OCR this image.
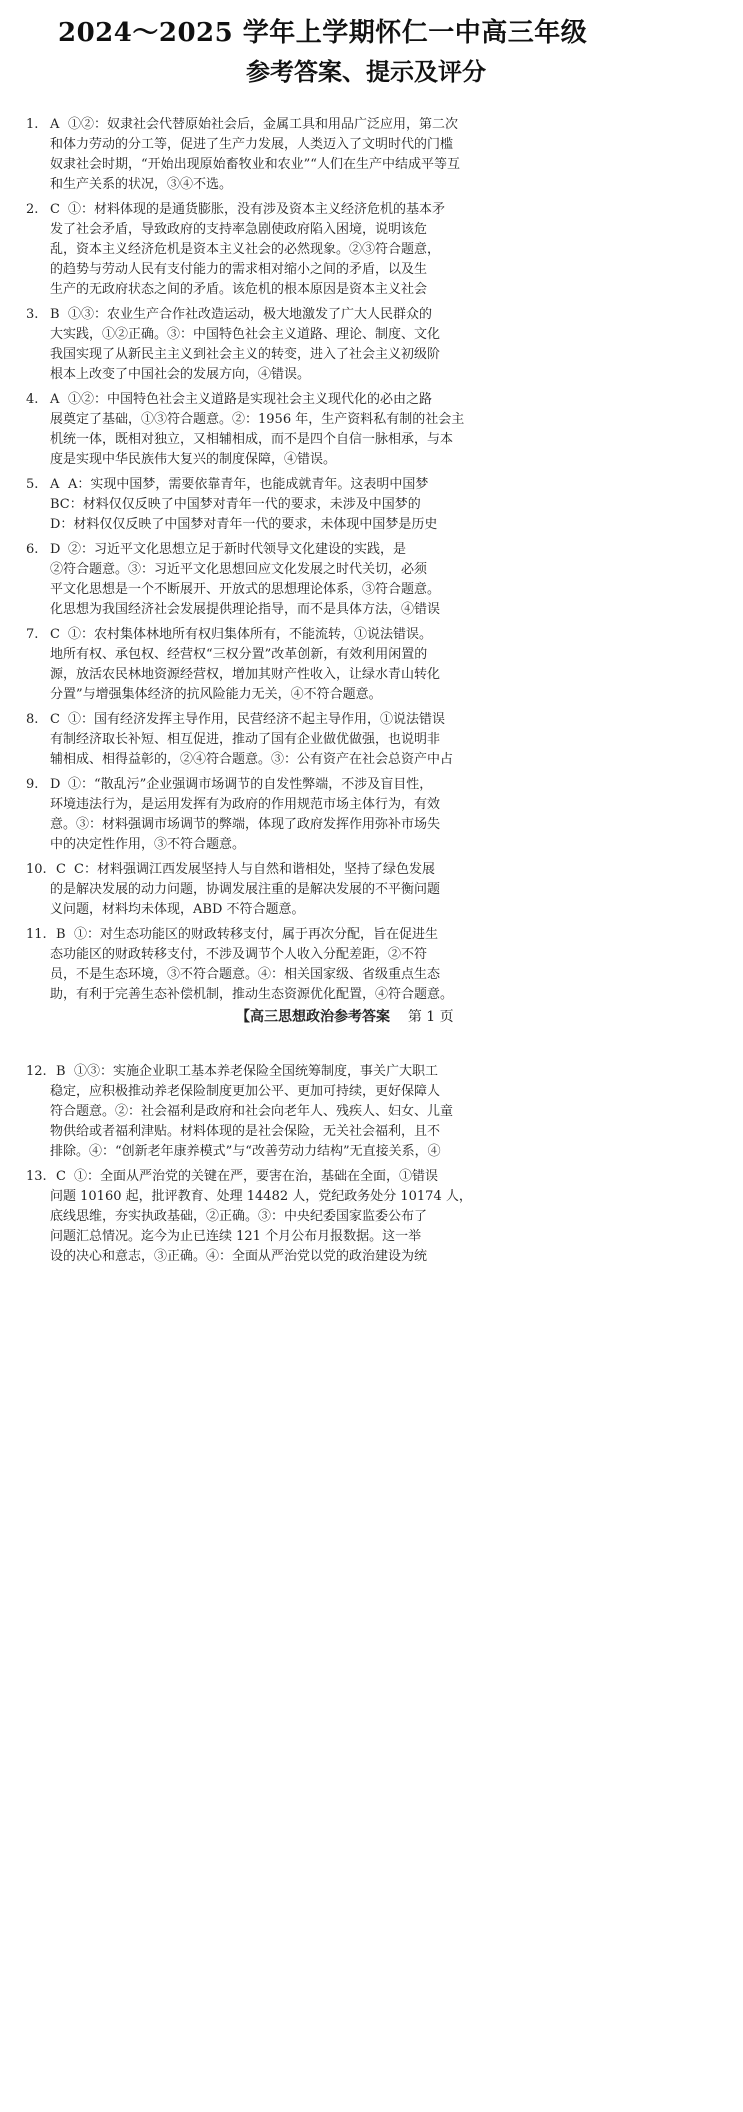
2024～2025 学年上学期怀仁一中高三年级
参考答案、提示及评分
1. A ①②：奴隶社会代替原始社会后，金属工具和用品广泛应用，第二次
和体力劳动的分工等，促进了生产力发展，人类迈入了文明时代的门槛
奴隶社会时期，“开始出现原始畜牧业和农业”“人们在生产中结成平等互
和生产关系的状况，③④不选。
2. C ①：材料体现的是通货膨胀，没有涉及资本主义经济危机的基本矛
发了社会矛盾，导致政府的支持率急剧使政府陷入困境，说明该危
乱，资本主义经济危机是资本主义社会的必然现象。②③符合题意，
的趋势与劳动人民有支付能力的需求相对缩小之间的矛盾，以及生
生产的无政府状态之间的矛盾。该危机的根本原因是资本主义社会
3. B ①③：农业生产合作社改造运动，极大地激发了广大人民群众的
大实践，①②正确。③：中国特色社会主义道路、理论、制度、文化
我国实现了从新民主主义到社会主义的转变，进入了社会主义初级阶
根本上改变了中国社会的发展方向，④错误。
4. A ①②：中国特色社会主义道路是实现社会主义现代化的必由之路
展奠定了基础，①③符合题意。②：1956 年，生产资料私有制的社会主
机统一体，既相对独立，又相辅相成，而不是四个自信一脉相承，与本
度是实现中华民族伟大复兴的制度保障，④错误。
5. A A：实现中国梦，需要依靠青年，也能成就青年。这表明中国梦
BC：材料仅仅反映了中国梦对青年一代的要求，未涉及中国梦的
D：材料仅仅反映了中国梦对青年一代的要求，未体现中国梦是历史
6. D ②：习近平文化思想立足于新时代领导文化建设的实践，是
②符合题意。③：习近平文化思想回应文化发展之时代关切，必须
平文化思想是一个不断展开、开放式的思想理论体系，③符合题意。
化思想为我国经济社会发展提供理论指导，而不是具体方法，④错误
7. C ①：农村集体林地所有权归集体所有，不能流转，①说法错误。
地所有权、承包权、经营权“三权分置”改革创新，有效利用闲置的
源，放活农民林地资源经营权，增加其财产性收入，让绿水青山转化
分置”与增强集体经济的抗风险能力无关，④不符合题意。
8. C ①：国有经济发挥主导作用，民营经济不起主导作用，①说法错误
有制经济取长补短、相互促进，推动了国有企业做优做强，也说明非
辅相成、相得益彰的，②④符合题意。③：公有资产在社会总资产中占
9. D ①：“散乱污”企业强调市场调节的自发性弊端，不涉及盲目性，
环境违法行为，是运用发挥有为政府的作用规范市场主体行为，有效
意。③：材料强调市场调节的弊端，体现了政府发挥作用弥补市场失
中的决定性作用，③不符合题意。
10. C C：材料强调江西发展坚持人与自然和谐相处，坚持了绿色发展
的是解决发展的动力问题，协调发展注重的是解决发展的不平衡问题
义问题，材料均未体现，ABD 不符合题意。
11. B ①：对生态功能区的财政转移支付，属于再次分配，旨在促进生
态功能区的财政转移支付，不涉及调节个人收入分配差距，②不符
员，不是生态环境，③不符合题意。④：相关国家级、省级重点生态
助，有利于完善生态补偿机制，推动生态资源优化配置，④符合题意。
【高三思想政治参考答案 第 1 页
12. B ①③：实施企业职工基本养老保险全国统筹制度，事关广大职工
稳定，应积极推动养老保险制度更加公平、更加可持续，更好保障人
符合题意。②：社会福利是政府和社会向老年人、残疾人、妇女、儿童
物供给或者福利津贴。材料体现的是社会保险，无关社会福利，且不
排除。④：“创新老年康养模式”与“改善劳动力结构”无直接关系，④
13. C ①：全面从严治党的关键在严，要害在治，基础在全面，①错误
问题 10160 起，批评教育、处理 14482 人，党纪政务处分 10174 人，
底线思维，夯实执政基础，②正确。③：中央纪委国家监委公布了
问题汇总情况。迄今为止已连续 121 个月公布月报数据。这一举
设的决心和意志，③正确。④：全面从严治党以党的政治建设为统
